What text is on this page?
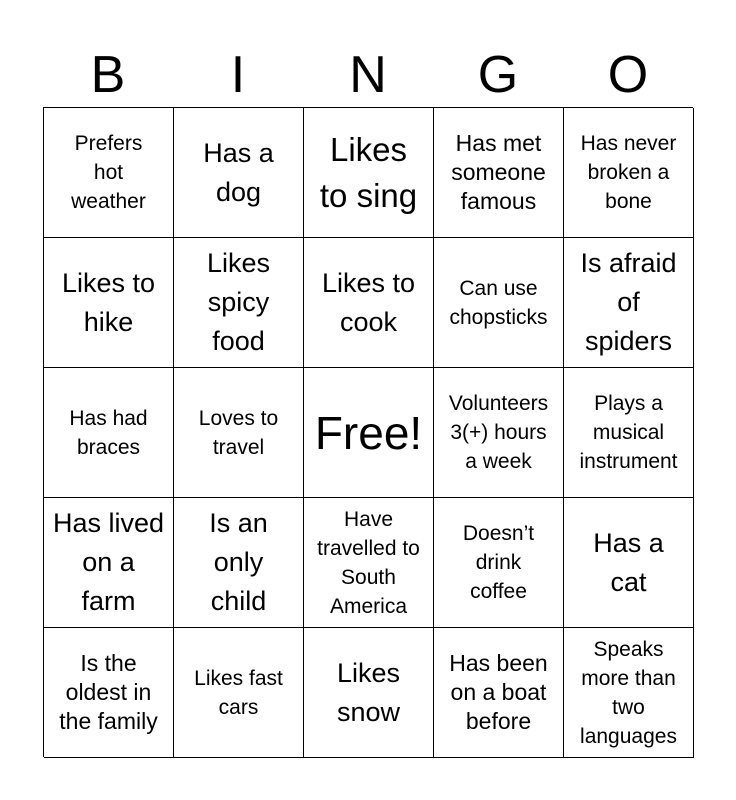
B	I	N	G	O
Prefers hot weather
Has a dog
Likes to sing
Has met someone famous
Has never broken a bone
Likes to hike
Likes spicy food
Likes to cook
Can use chopsticks
Is afraid of spiders
Has had braces
Loves to travel	Free!
Volunteers 3(+) hours a week
Plays a musical instrument
Has lived on a farm
Is an only child
Have travelled to South America
Doesn’t drink coffee
Has a cat
Is the oldest in the family
Likes fast cars
Likes snow
Has been on a boat before
Speaks more than two languages
